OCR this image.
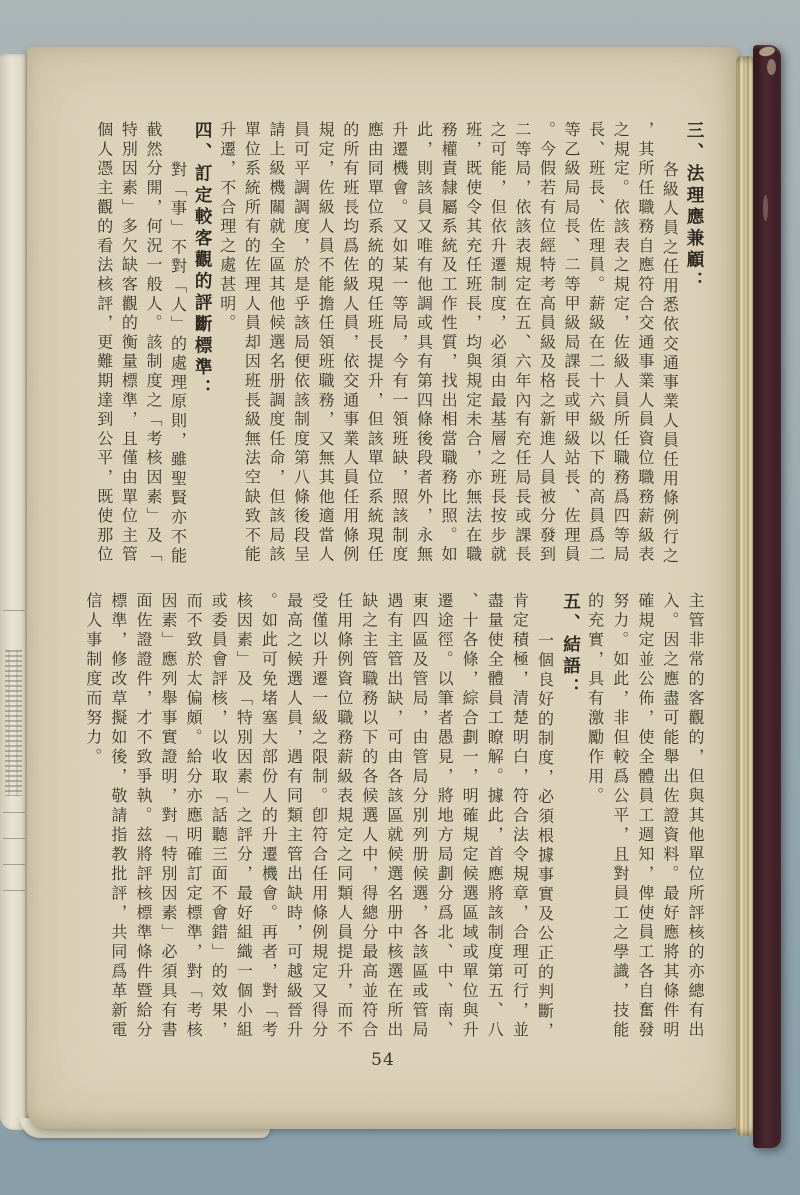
三、法理應兼顧：

各級人員之任用悉依交通事業人員任用條例行之

，其所任職務自應符合交通事業人員資位職務薪級表

之規定。依該表之規定，佐級人員所任職務爲四等局

長、班長、佐理員。薪級在二十六級以下的高員爲二

等乙級局局長、二等甲級局課長或甲級站長、佐理員

。今假若有位經特考高員級及格之新進人員被分發到

二等局，依該表規定在五、六年內有充任局長或課長

之可能，但依升遷制度，必須由最基層之班長按步就

班，既使令其充任班長，均與規定未合，亦無法在職

務權責隸屬系統及工作性質，找出相當職務比照。如

此，則該員又唯有他調或具有第四條後段者外，永無

升遷機會。又如某一等局，今有一領班缺，照該制度

應由同單位系統的現任班長提升，但該單位系統現任

的所有班長均爲佐級人員，依交通事業人員任用條例

規定，佐級人員不能擔任領班職務，又無其他適當人

員可平調調度，於是乎該局便依該制度第八條後段呈

請上級機關就全區其他候選名册調度任命，但該局該

單位系統所有的佐理人員却因班長級無法空缺致不能

升遷，不合理之處甚明。

四、訂定較客觀的評斷標準：

對「事」不對「人」的處理原則，雖聖賢亦不能

截然分開，何況一般人。該制度之「考核因素」及「

特別因素」多欠缺客觀的衡量標準，且僅由單位主管

個人憑主觀的看法核評，更難期達到公平，既使那位

主管非常的客觀的，但與其他單位所評核的亦總有出

入。因之應盡可能舉出佐證資料。最好應將其條件明

確規定並公佈，使全體員工週知，俾使員工各自奮發

努力。如此，非但較爲公平，且對員工之學識，技能

的充實，具有激勵作用。

五、結語：

一個良好的制度，必須根據事實及公正的判斷，

肯定積極，清楚明白，符合法令規章，合理可行，並

盡量使全體員工瞭解。據此，首應將該制度第五、八

、十各條，綜合劃一，明確規定候選區域或單位與升

遷途徑。以筆者愚見，將地方局劃分爲北、中、南、

東四區及管局，由管局分別列册候選，各該區或管局

遇有主管出缺，可由各該區就候選名册中核選在所出

缺之主管職務以下的各候選人中，得總分最高並符合

任用條例資位職務薪級表規定之同類人員提升，而不

受僅以升遷一級之限制。卽符合任用條例規定又得分

最高之候選人員，遇有同類主管出缺時，可越級晉升

。如此可免堵塞大部份人的升遷機會。再者，對「考

核因素」及「特別因素」之評分，最好組織一個小組

或委員會評核，以收取「話聽三面不會錯」的效果，

而不致於太偏頗。給分亦應明確訂定標準，對「考核

因素」應列舉事實證明，對「特別因素」必須具有書

面佐證證件，才不致爭執。兹將評核標準條件暨給分

標準，修改草擬如後，敬請指教批評，共同爲革新電

信人事制度而努力。

54
